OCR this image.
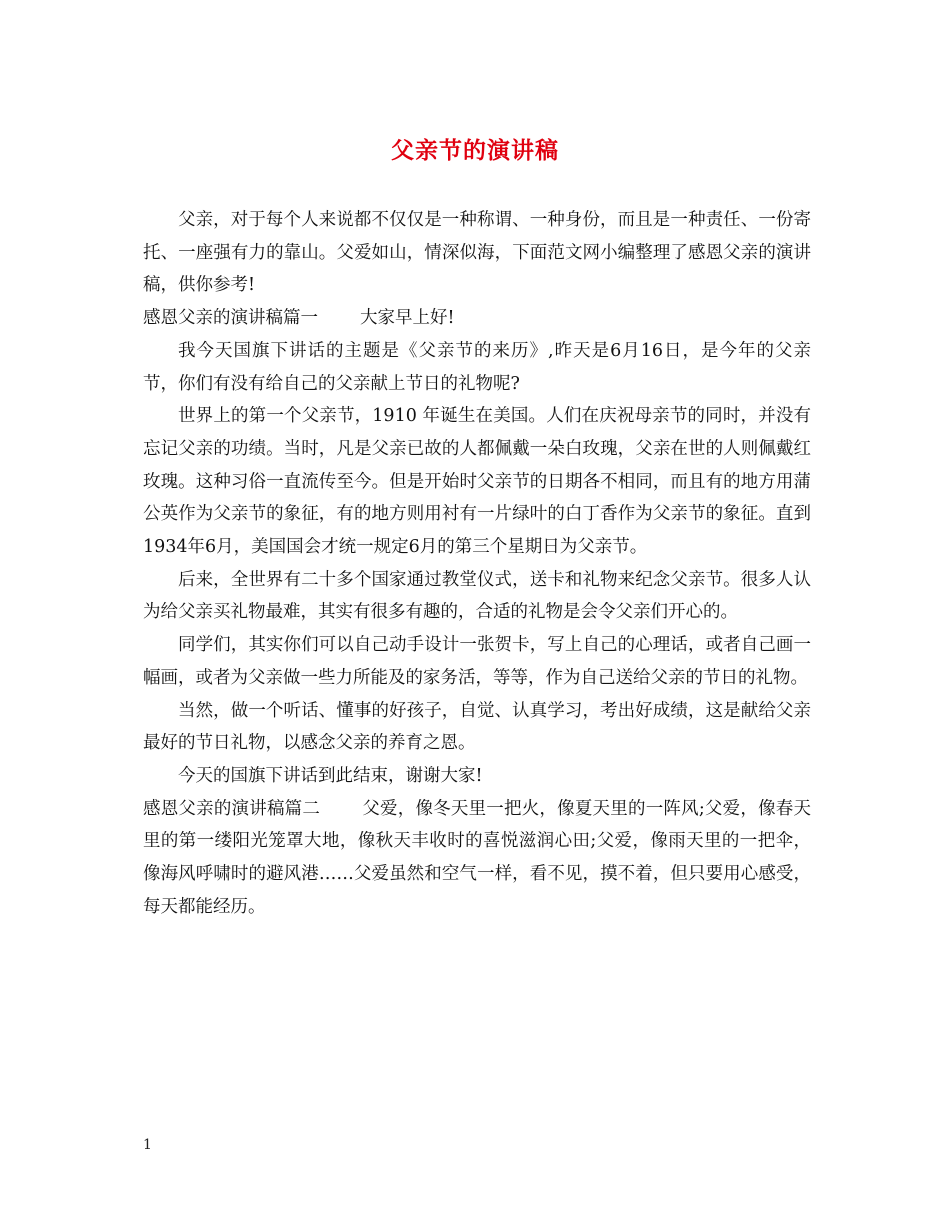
父亲节的演讲稿

父亲，对于每个人来说都不仅仅是一种称谓、一种身份，而且是一种责任、一份寄托、一座强有力的靠山。父爱如山，情深似海，下面范文网小编整理了感恩父亲的演讲稿，供你参考!

感恩父亲的演讲稿篇一 大家早上好!

我今天国旗下讲话的主题是《父亲节的来历》,昨天是6月16日，是今年的父亲节，你们有没有给自己的父亲献上节日的礼物呢?

世界上的第一个父亲节，1910 年诞生在美国。人们在庆祝母亲节的同时，并没有忘记父亲的功绩。当时，凡是父亲已故的人都佩戴一朵白玫瑰，父亲在世的人则佩戴红玫瑰。这种习俗一直流传至今。但是开始时父亲节的日期各不相同，而且有的地方用蒲公英作为父亲节的象征，有的地方则用衬有一片绿叶的白丁香作为父亲节的象征。直到1934年6月，美国国会才统一规定6月的第三个星期日为父亲节。

后来，全世界有二十多个国家通过教堂仪式，送卡和礼物来纪念父亲节。很多人认为给父亲买礼物最难，其实有很多有趣的，合适的礼物是会令父亲们开心的。

同学们，其实你们可以自己动手设计一张贺卡，写上自己的心理话，或者自己画一幅画，或者为父亲做一些力所能及的家务活，等等，作为自己送给父亲的节日的礼物。

当然，做一个听话、懂事的好孩子，自觉、认真学习，考出好成绩，这是献给父亲最好的节日礼物，以感念父亲的养育之恩。

今天的国旗下讲话到此结束，谢谢大家!

感恩父亲的演讲稿篇二 父爱，像冬天里一把火，像夏天里的一阵风;父爱，像春天里的第一缕阳光笼罩大地，像秋天丰收时的喜悦滋润心田;父爱，像雨天里的一把伞，像海风呼啸时的避风港……父爱虽然和空气一样，看不见，摸不着，但只要用心感受，每天都能经历。

1
